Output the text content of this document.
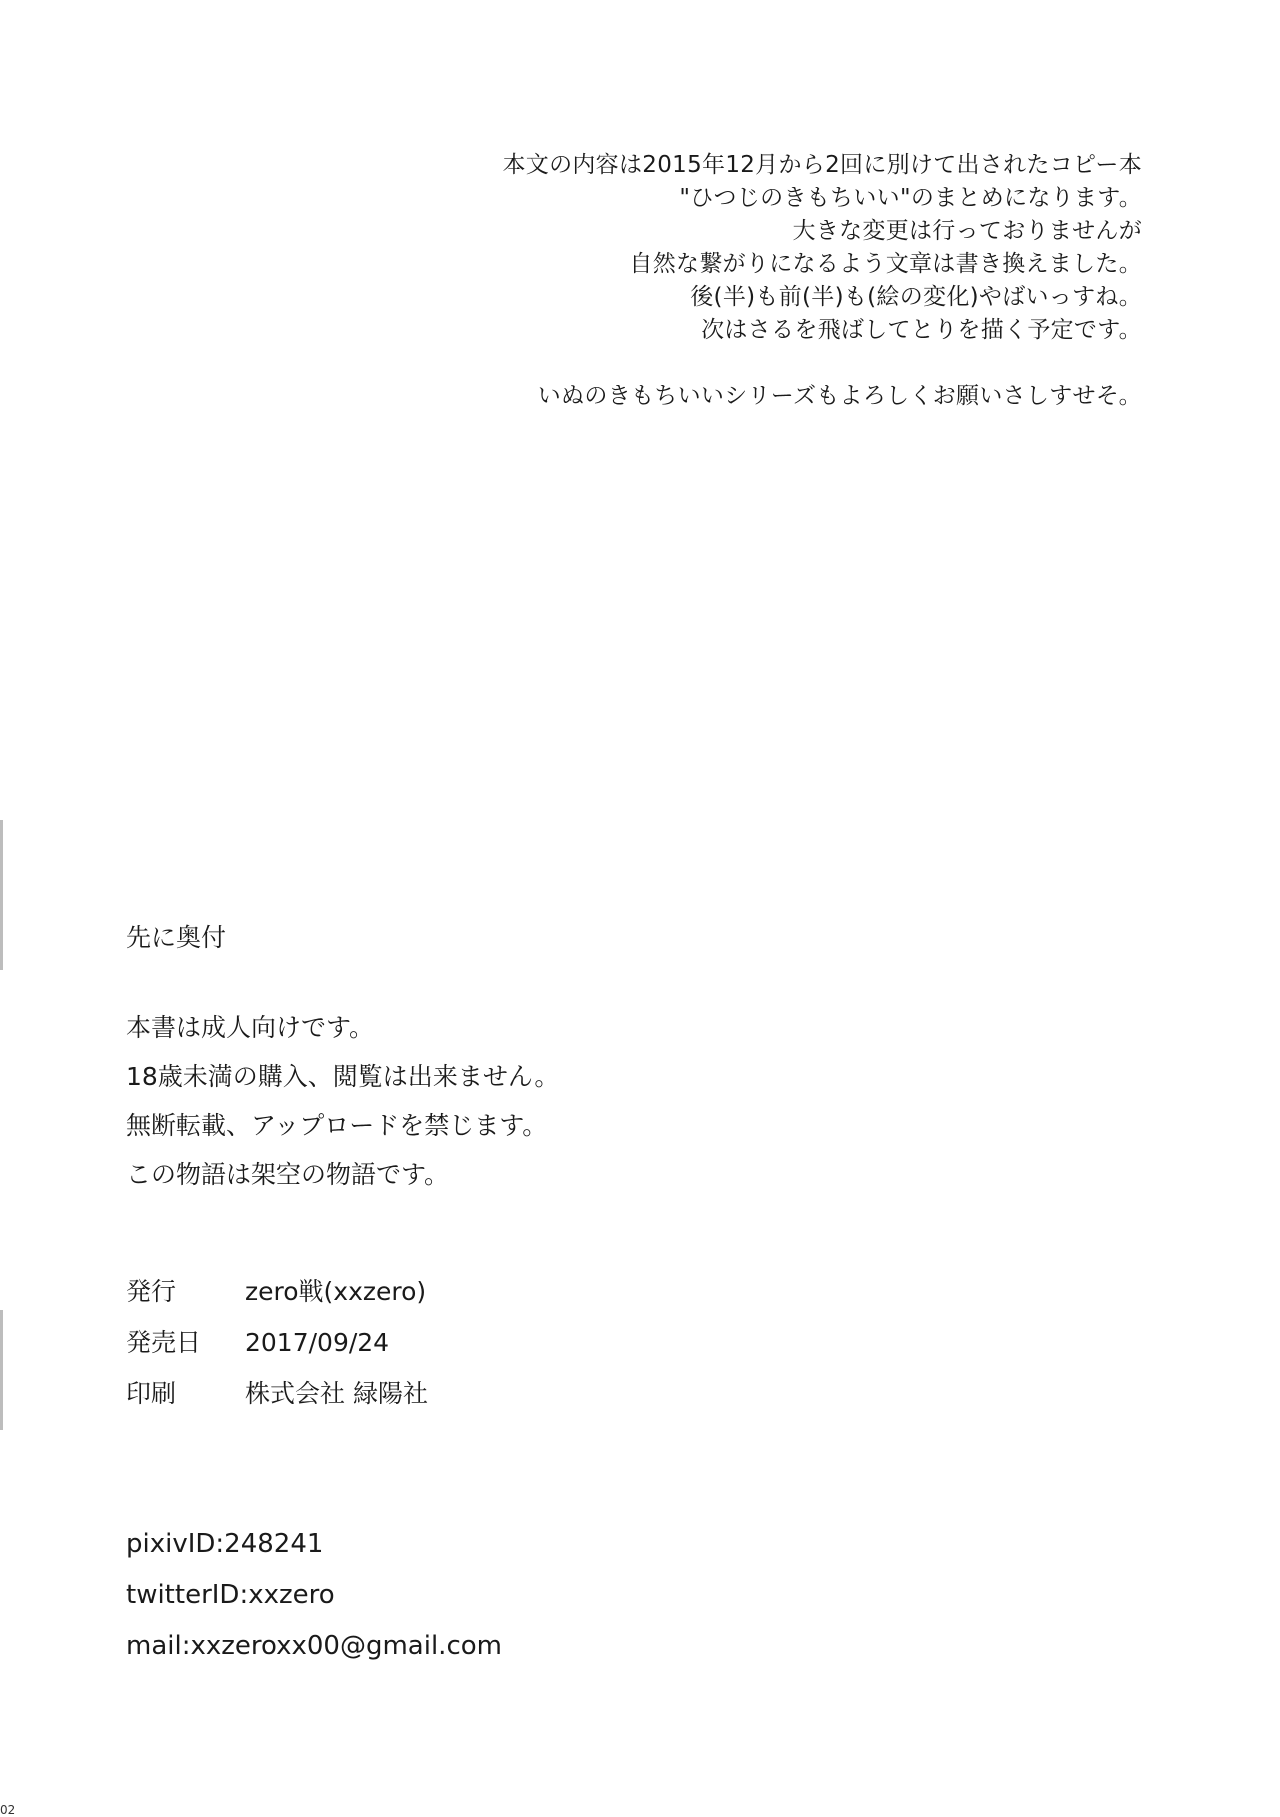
本文の内容は2015年12月から2回に別けて出されたコピー本
"ひつじのきもちいい"のまとめになります。
大きな変更は行っておりませんが
自然な繋がりになるよう文章は書き換えました。
後(半)も前(半)も(絵の変化)やばいっすね。
次はさるを飛ばしてとりを描く予定です。
いぬのきもちいいシリーズもよろしくお願いさしすせそ。
先に奥付
本書は成人向けです。
18歳未満の購入、閲覧は出来ません。
無断転載、アップロードを禁じます。
この物語は架空の物語です。
発行	zero戦(xxzero)
発売日	2017/09/24
印刷	株式会社 緑陽社
pixivID:248241
twitterID:xxzero
mail:xxzeroxx00@gmail.com
02
